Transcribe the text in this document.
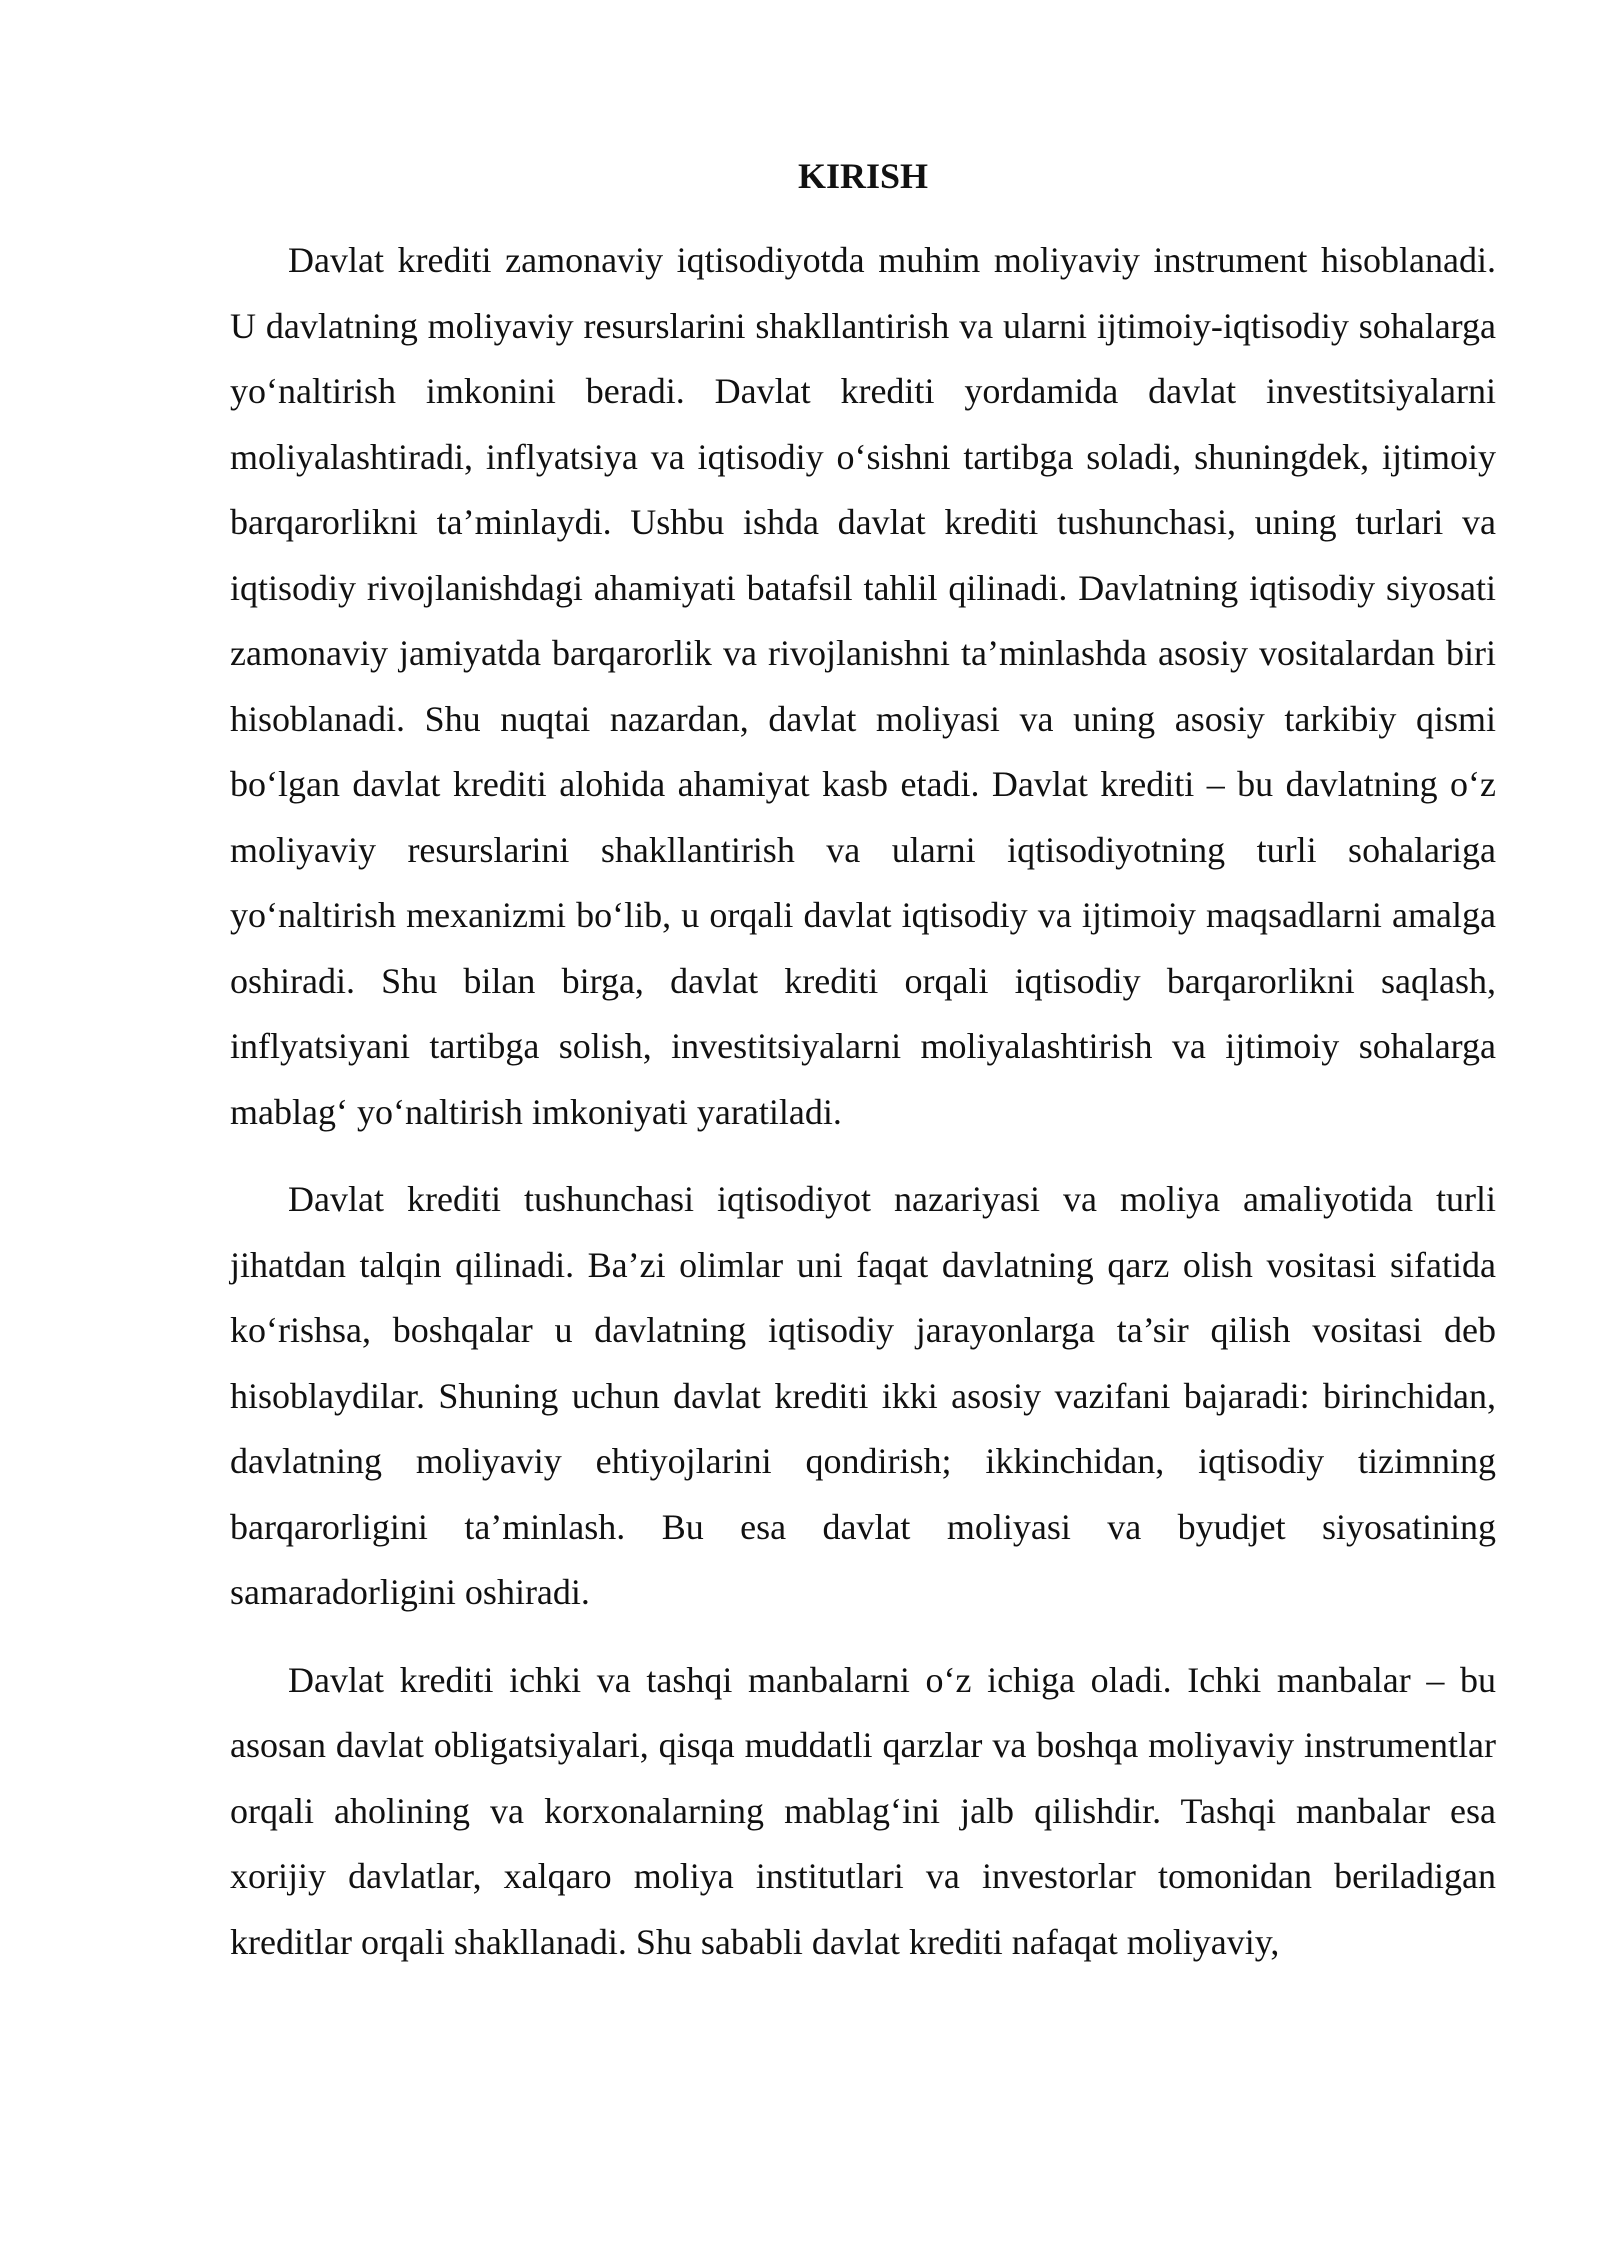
KIRISH

Davlat krediti zamonaviy iqtisodiyotda muhim moliyaviy instrument hisoblanadi. U davlatning moliyaviy resurslarini shakllantirish va ularni ijtimoiy-iqtisodiy sohalarga yo‘naltirish imkonini beradi. Davlat krediti yordamida davlat investitsiyalarni moliyalashtiradi, inflyatsiya va iqtisodiy o‘sishni tartibga soladi, shuningdek, ijtimoiy barqarorlikni ta’minlaydi. Ushbu ishda davlat krediti tushunchasi, uning turlari va iqtisodiy rivojlanishdagi ahamiyati batafsil tahlil qilinadi. Davlatning iqtisodiy siyosati zamonaviy jamiyatda barqarorlik va rivojlanishni ta’minlashda asosiy vositalardan biri hisoblanadi. Shu nuqtai nazardan, davlat moliyasi va uning asosiy tarkibiy qismi bo‘lgan davlat krediti alohida ahamiyat kasb etadi. Davlat krediti – bu davlatning o‘z moliyaviy resurslarini shakllantirish va ularni iqtisodiyotning turli sohalariga yo‘naltirish mexanizmi bo‘lib, u orqali davlat iqtisodiy va ijtimoiy maqsadlarni amalga oshiradi. Shu bilan birga, davlat krediti orqali iqtisodiy barqarorlikni saqlash, inflyatsiyani tartibga solish, investitsiyalarni moliyalashtirish va ijtimoiy sohalarga mablag‘ yo‘naltirish imkoniyati yaratiladi.

Davlat krediti tushunchasi iqtisodiyot nazariyasi va moliya amaliyotida turli jihatdan talqin qilinadi. Ba’zi olimlar uni faqat davlatning qarz olish vositasi sifatida ko‘rishsa, boshqalar u davlatning iqtisodiy jarayonlarga ta’sir qilish vositasi deb hisoblaydilar. Shuning uchun davlat krediti ikki asosiy vazifani bajaradi: birinchidan, davlatning moliyaviy ehtiyojlarini qondirish; ikkinchidan, iqtisodiy tizimning barqarorligini ta’minlash. Bu esa davlat moliyasi va byudjet siyosatining samaradorligini oshiradi.

Davlat krediti ichki va tashqi manbalarni o‘z ichiga oladi. Ichki manbalar – bu asosan davlat obligatsiyalari, qisqa muddatli qarzlar va boshqa moliyaviy instrumentlar orqali aholining va korxonalarning mablag‘ini jalb qilishdir. Tashqi manbalar esa xorijiy davlatlar, xalqaro moliya institutlari va investorlar tomonidan beriladigan kreditlar orqali shakllanadi. Shu sababli davlat krediti nafaqat moliyaviy,
